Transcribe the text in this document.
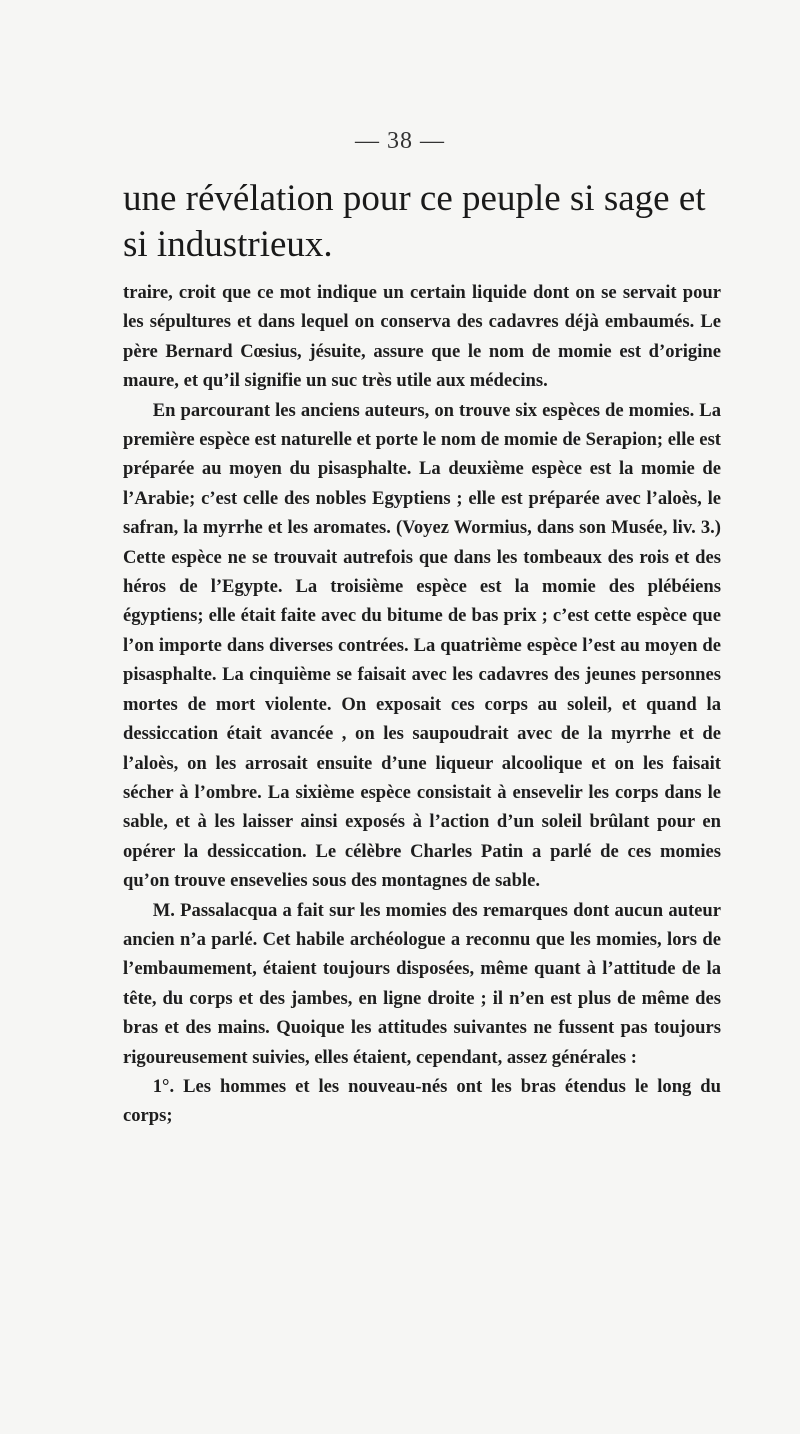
— 38 —
une révélation pour ce peuple si sage et si industrieux.

traire, croit que ce mot indique un certain liquide dont on se servait pour les sépultures et dans lequel on conserva des cadavres déjà embaumés. Le père Bernard Cœsius, jésuite, assure que le nom de momie est d’origine maure, et qu’il signifie un suc très utile aux médecins.

En parcourant les anciens auteurs, on trouve six espèces de momies. La première espèce est naturelle et porte le nom de momie de Serapion; elle est préparée au moyen du pisasphalte. La deuxième espèce est la momie de l’Arabie; c’est celle des nobles Egyptiens ; elle est préparée avec l’aloès, le safran, la myrrhe et les aromates. (Voyez Wormius, dans son Musée, liv. 3.) Cette espèce ne se trouvait autrefois que dans les tombeaux des rois et des héros de l’Egypte. La troisième espèce est la momie des plébéiens égyptiens; elle était faite avec du bitume de bas prix ; c’est cette espèce que l’on importe dans diverses contrées. La quatrième espèce l’est au moyen de pisasphalte. La cinquième se faisait avec les cadavres des jeunes personnes mortes de mort violente. On exposait ces corps au soleil, et quand la dessiccation était avancée , on les saupoudrait avec de la myrrhe et de l’aloès, on les arrosait ensuite d’une liqueur alcoolique et on les faisait sécher à l’ombre. La sixième espèce consistait à ensevelir les corps dans le sable, et à les laisser ainsi exposés à l’action d’un soleil brûlant pour en opérer la dessiccation. Le célèbre Charles Patin a parlé de ces momies qu’on trouve ensevelies sous des montagnes de sable.

M. Passalacqua a fait sur les momies des remarques dont aucun auteur ancien n’a parlé. Cet habile archéologue a reconnu que les momies, lors de l’embaumement, étaient toujours disposées, même quant à l’attitude de la tête, du corps et des jambes, en ligne droite ; il n’en est plus de même des bras et des mains. Quoique les attitudes suivantes ne fussent pas toujours rigoureusement suivies, elles étaient, cependant, assez générales :

1°. Les hommes et les nouveau-nés ont les bras étendus le long du corps;
